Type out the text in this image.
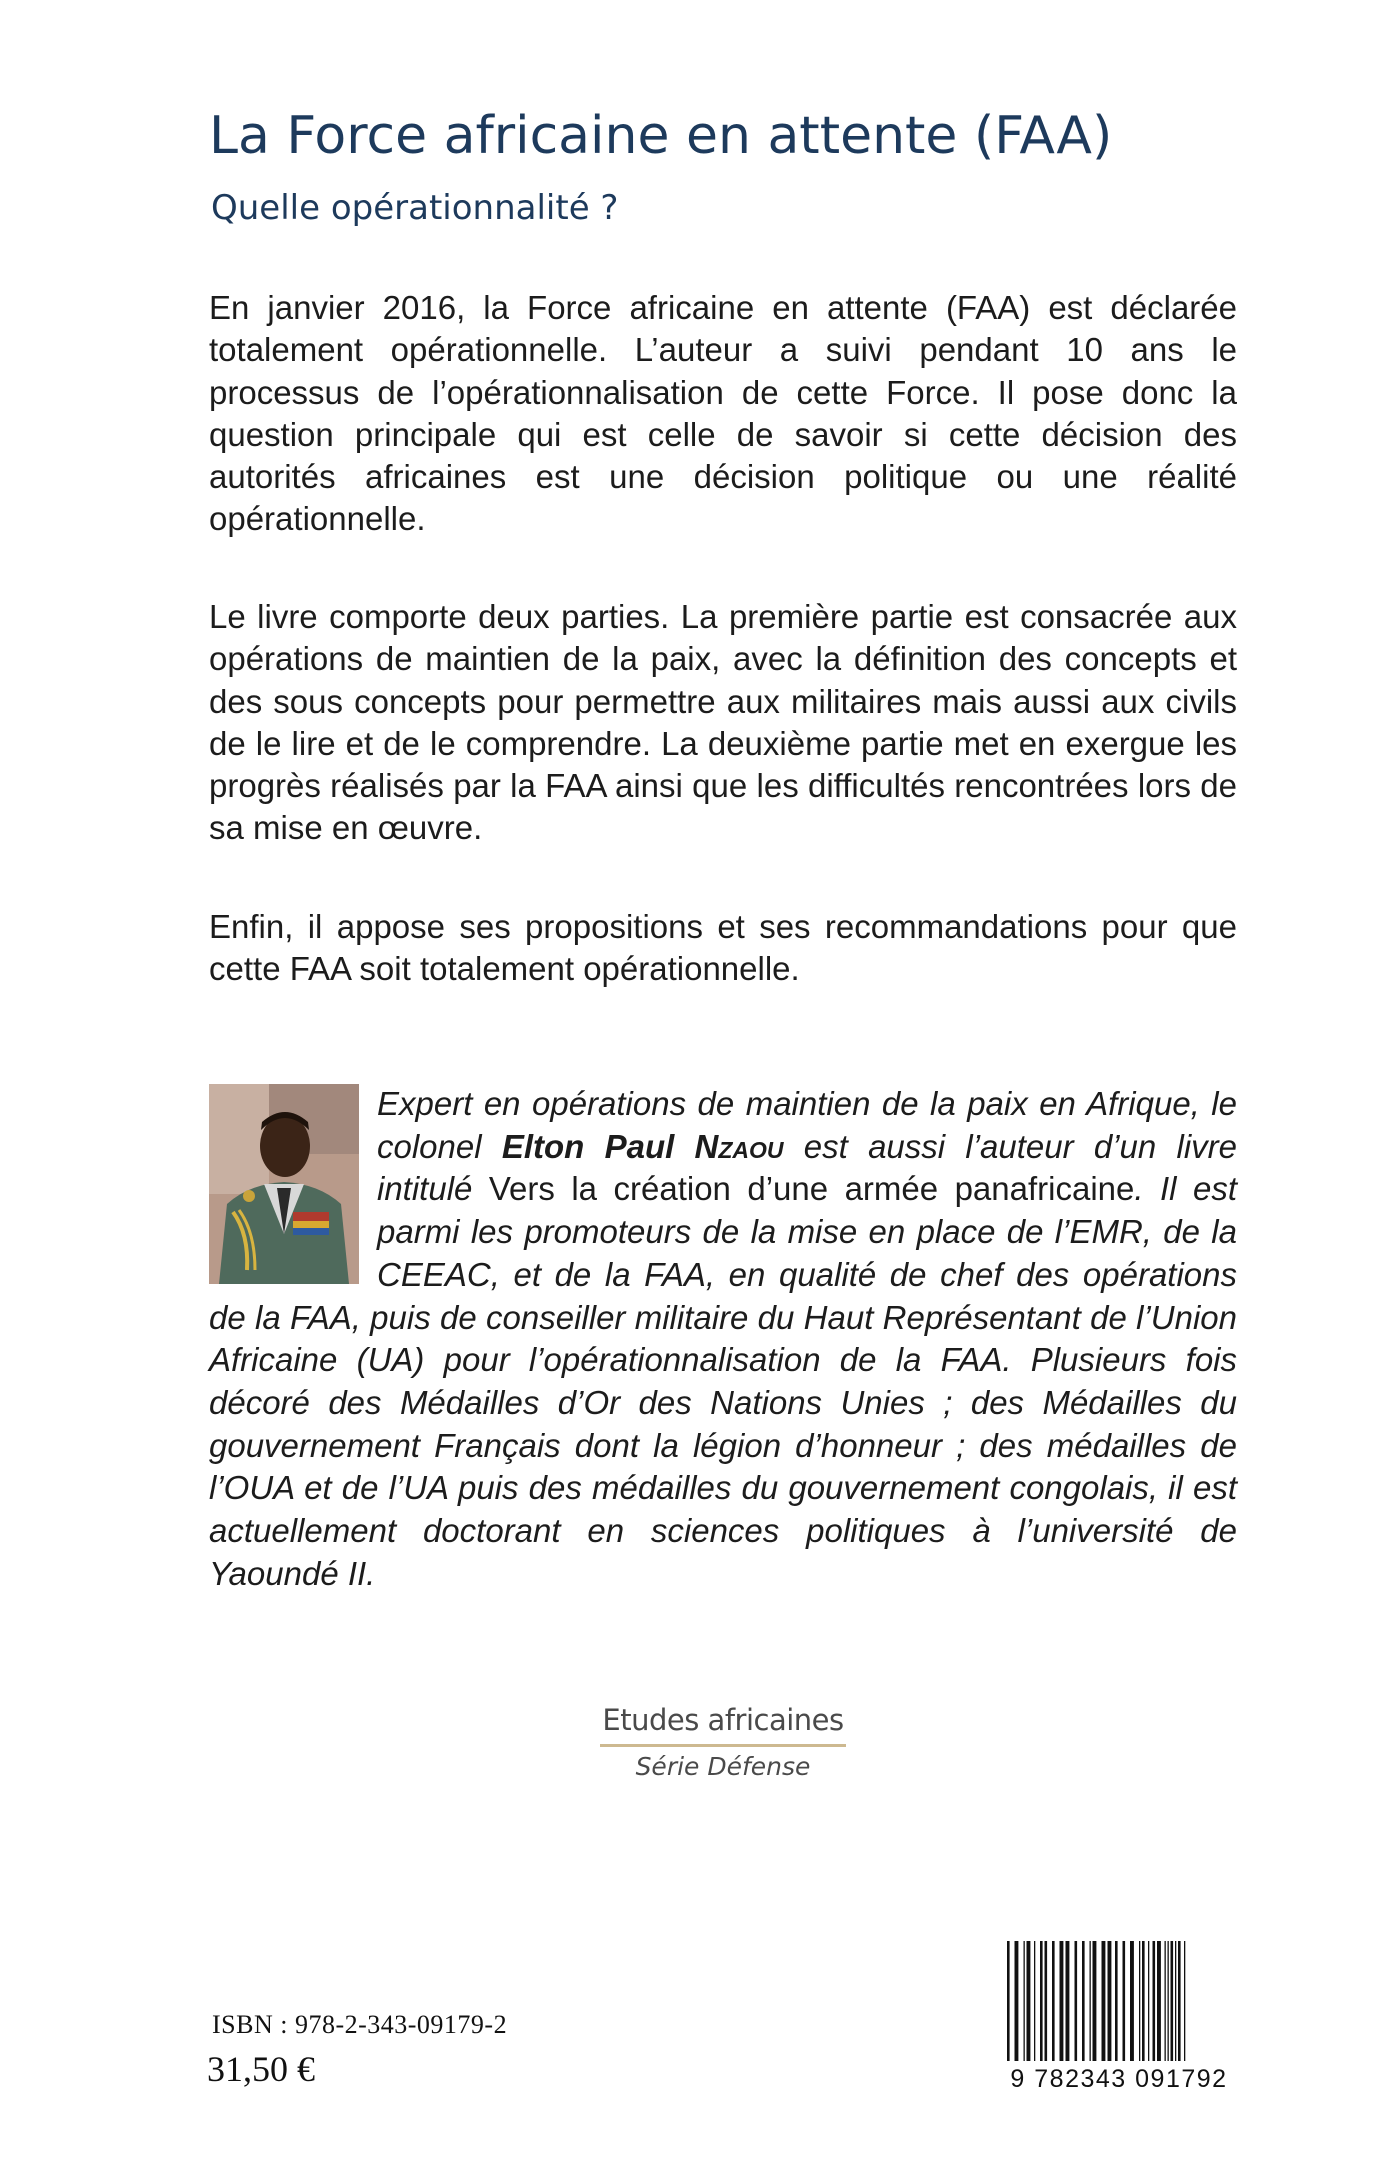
La Force africaine en attente (FAA)
Quelle opérationnalité ?

En janvier 2016, la Force africaine en attente (FAA) est déclarée totalement opérationnelle. L’auteur a suivi pendant 10 ans le processus de l’opérationnalisation de cette Force. Il pose donc la question principale qui est celle de savoir si cette décision des autorités africaines est une décision politique ou une réalité opérationnelle.

Le livre comporte deux parties. La première partie est consacrée aux opérations de maintien de la paix, avec la définition des concepts et des sous concepts pour permettre aux militaires mais aussi aux civils de le lire et de le comprendre. La deuxième partie met en exergue les progrès réalisés par la FAA ainsi que les difficultés rencontrées lors de sa mise en œuvre.

Enfin, il appose ses propositions et ses recommandations pour que cette FAA soit totalement opérationnelle.

Expert en opérations de maintien de la paix en Afrique, le colonel Elton Paul Nzaou est aussi l’auteur d’un livre intitulé Vers la création d’une armée panafricaine. Il est parmi les promoteurs de la mise en place de l’EMR, de la CEEAC, et de la FAA, en qualité de chef des opérations de la FAA, puis de conseiller militaire du Haut Représentant de l’Union Africaine (UA) pour l’opérationnalisation de la FAA. Plusieurs fois décoré des Médailles d’Or des Nations Unies ; des Médailles du gouvernement Français dont la légion d’honneur ; des médailles de l’OUA et de l’UA puis des médailles du gouvernement congolais, il est actuellement doctorant en sciences politiques à l’université de Yaoundé II.
Etudes africaines
Série Défense
ISBN : 978-2-343-09179-2
31,50 €	9 782343 091792
